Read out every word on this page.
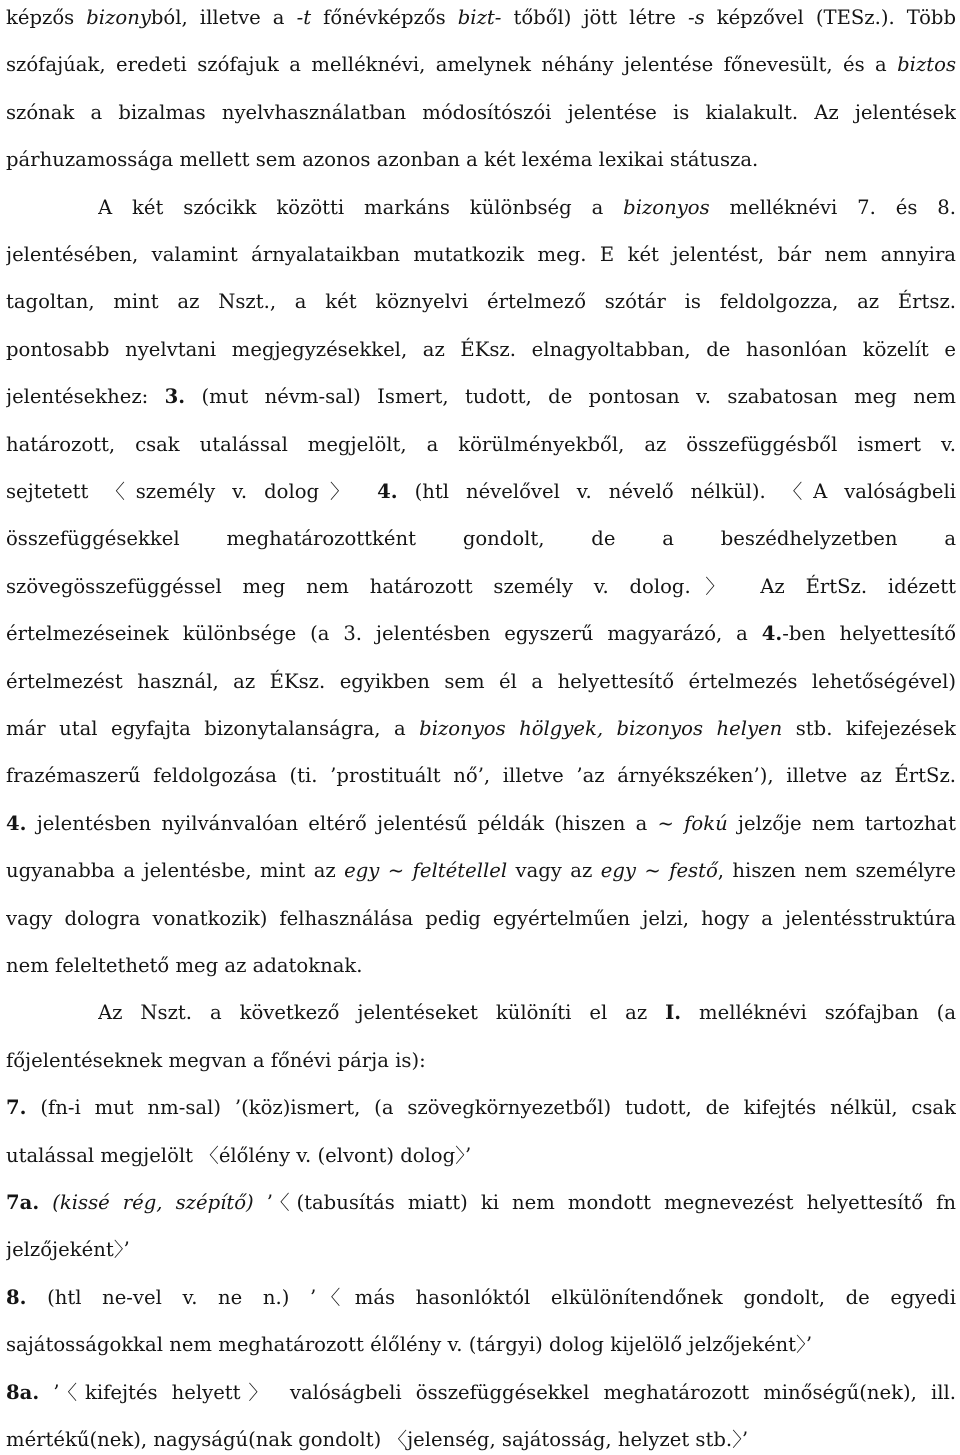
képzős bizonyból, illetve a -t főnévképzős bizt- tőből) jött létre -s képzővel (TESz.). Több
szófajúak, eredeti szófajuk a melléknévi, amelynek néhány jelentése főnevesült, és a biztos
szónak a bizalmas nyelvhasználatban módosítószói jelentése is kialakult. Az jelentések
párhuzamossága mellett sem azonos azonban a két lexéma lexikai státusza.
A két szócikk közötti markáns különbség a bizonyos melléknévi 7. és 8.
jelentésében, valamint árnyalataikban mutatkozik meg. E két jelentést, bár nem annyira
tagoltan, mint az Nszt., a két köznyelvi értelmező szótár is feldolgozza, az Értsz.
pontosabb nyelvtani megjegyzésekkel, az ÉKsz. elnagyoltabban, de hasonlóan közelít e
jelentésekhez: 3. (mut névm-sal) Ismert, tudott, de pontosan v. szabatosan meg nem
határozott, csak utalással megjelölt, a körülményekből, az összefüggésből ismert v.
sejtetett 〈személy v. dolog〉 4. (htl névelővel v. névelő nélkül). 〈A valóságbeli
összefüggésekkel meghatározottként gondolt, de a beszédhelyzetben a
szövegösszefüggéssel meg nem határozott személy v. dolog.〉 Az ÉrtSz. idézett
értelmezéseinek különbsége (a 3. jelentésben egyszerű magyarázó, a 4.-ben helyettesítő
értelmezést használ, az ÉKsz. egyikben sem él a helyettesítő értelmezés lehetőségével)
már utal egyfajta bizonytalanságra, a bizonyos hölgyek, bizonyos helyen stb. kifejezések
frazémaszerű feldolgozása (ti. ’prostituált nő’, illetve ’az árnyékszéken’), illetve az ÉrtSz.
4. jelentésben nyilvánvalóan eltérő jelentésű példák (hiszen a ~ fokú jelzője nem tartozhat
ugyanabba a jelentésbe, mint az egy ~ feltétellel vagy az egy ~ festő, hiszen nem személyre
vagy dologra vonatkozik) felhasználása pedig egyértelműen jelzi, hogy a jelentésstruktúra
nem feleltethető meg az adatoknak.
Az Nszt. a következő jelentéseket különíti el az I. melléknévi szófajban (a
főjelentéseknek megvan a főnévi párja is):
7. (fn-i mut nm-sal) ’(köz)ismert, (a szövegkörnyezetből) tudott, de kifejtés nélkül, csak
utalással megjelölt 〈élőlény v. (elvont) dolog〉’
7a. (kissé rég, szépítő) ’〈(tabusítás miatt) ki nem mondott megnevezést helyettesítő fn
jelzőjeként〉’
8. (htl ne-vel v. ne n.) ’〈más hasonlóktól elkülönítendőnek gondolt, de egyedi
sajátosságokkal nem meghatározott élőlény v. (tárgyi) dolog kijelölő jelzőjeként〉’
8a. ’〈kifejtés helyett〉 valóságbeli összefüggésekkel meghatározott minőségű(nek), ill.
mértékű(nek), nagyságú(nak gondolt) 〈jelenség, sajátosság, helyzet stb.〉’
